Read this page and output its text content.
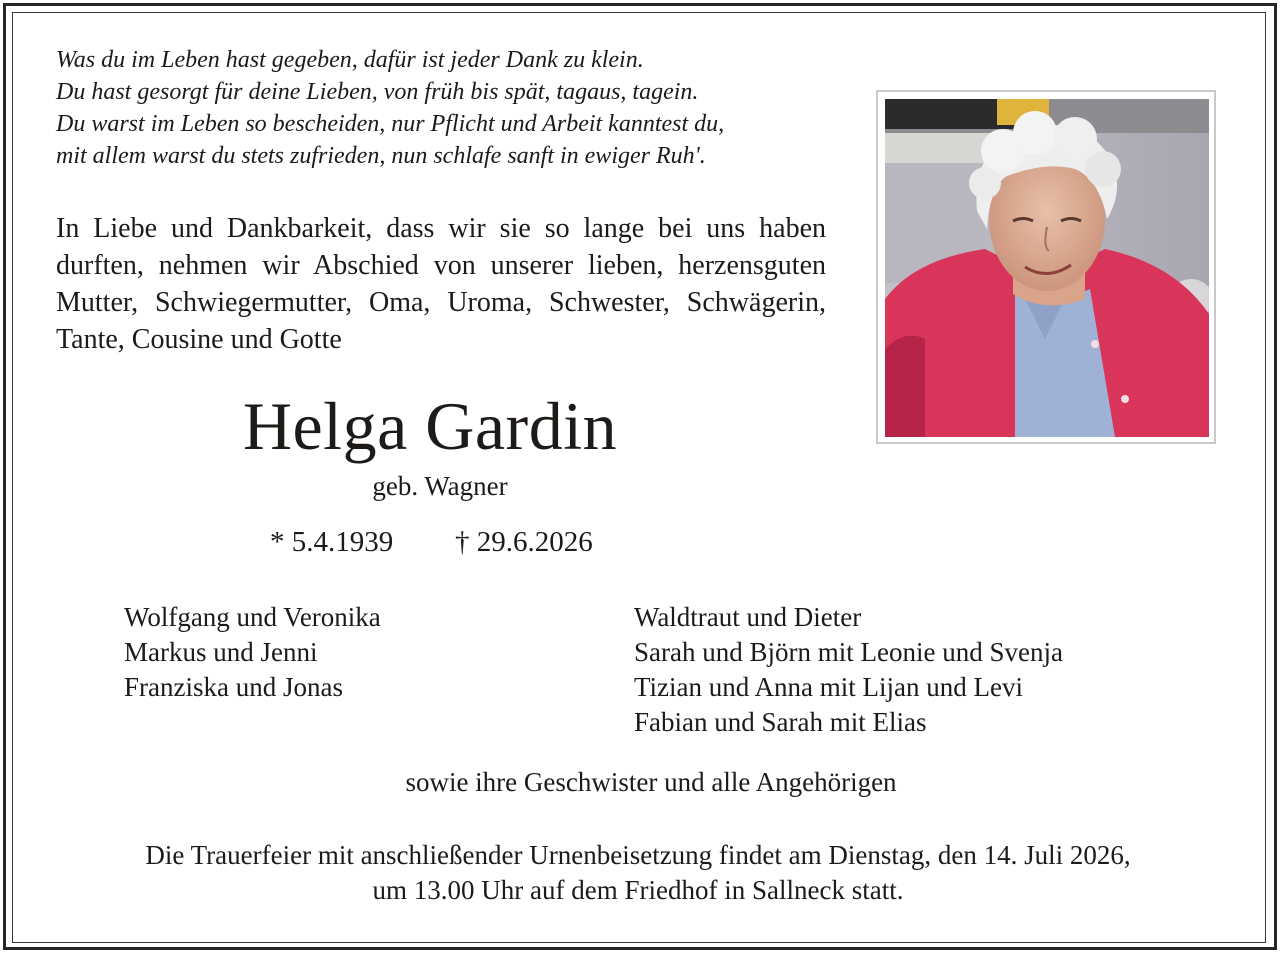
Was du im Leben hast gegeben, dafür ist jeder Dank zu klein.
Du hast gesorgt für deine Lieben, von früh bis spät, tagaus, tagein.
Du warst im Leben so bescheiden, nur Pflicht und Arbeit kanntest du,
mit allem warst du stets zufrieden, nun schlafe sanft in ewiger Ruh'.
In Liebe und Dankbarkeit, dass wir sie so lange bei uns haben durften, nehmen wir Abschied von unserer lieben, herzensguten Mutter, Schwiegermutter, Oma, Uroma, Schwester, Schwägerin, Tante, Cousine und Gotte
Helga Gardin
geb. Wagner
* 5.4.1939 † 29.6.2026
Wolfgang und Veronika
Markus und Jenni
Franziska und Jonas
Waldtraut und Dieter
Sarah und Björn mit Leonie und Svenja
Tizian und Anna mit Lijan und Levi
Fabian und Sarah mit Elias
sowie ihre Geschwister und alle Angehörigen
Die Trauerfeier mit anschließender Urnenbeisetzung findet am Dienstag, den 14. Juli 2026,
um 13.00 Uhr auf dem Friedhof in Sallneck statt.
